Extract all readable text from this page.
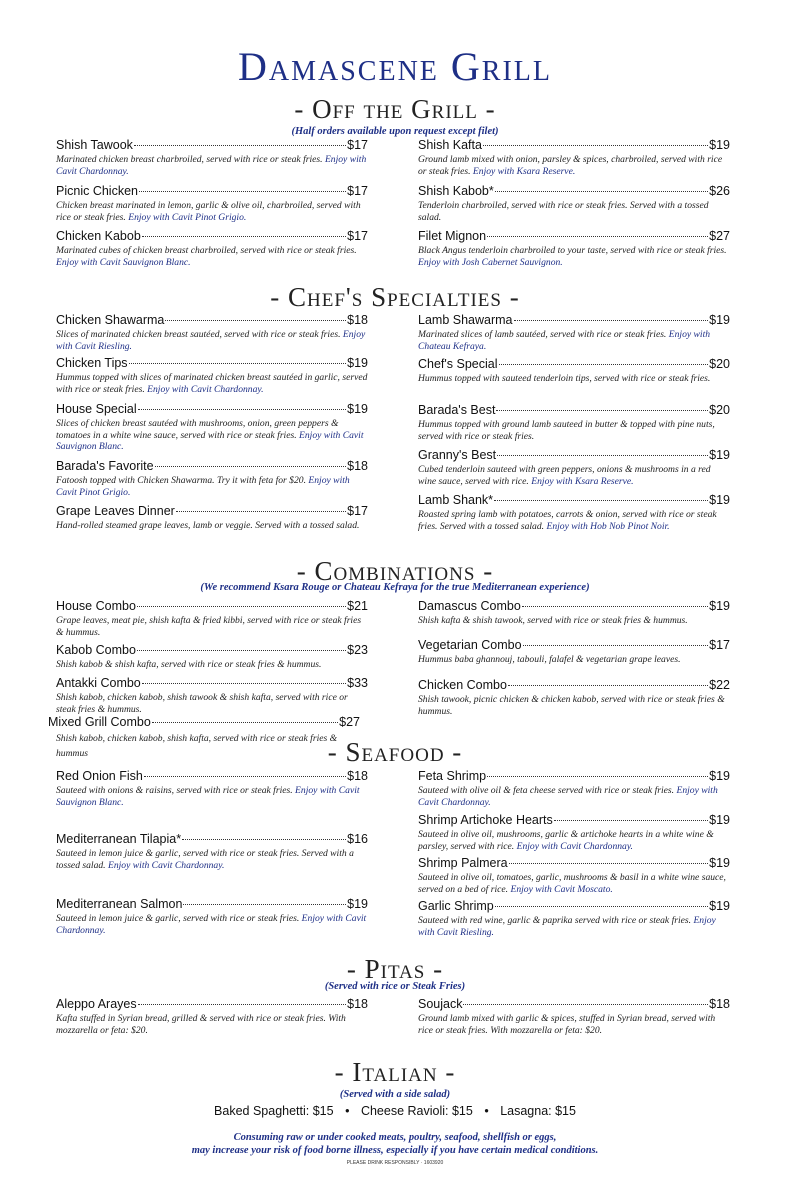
Damascene Grill
- Off the Grill -
(Half orders available upon request except filet)
Shish Tawook	$17
Marinated chicken breast charbroiled, served with rice or steak fries. Enjoy with Cavit Chardonnay.
Picnic Chicken	$17
Chicken breast marinated in lemon, garlic & olive oil, charbroiled, served with rice or steak fries. Enjoy with Cavit Pinot Grigio.
Chicken Kabob	$17
Marinated cubes of chicken breast charbroiled, served with rice or steak fries. Enjoy with Cavit Sauvignon Blanc.
Shish Kafta	$19
Ground lamb mixed with onion, parsley & spices, charbroiled, served with rice or steak fries. Enjoy with Ksara Reserve.
Shish Kabob*	$26
Tenderloin charbroiled, served with rice or steak fries. Served with a tossed salad.
Filet Mignon	$27
Black Angus tenderloin charbroiled to your taste, served with rice or steak fries. Enjoy with Josh Cabernet Sauvignon.
- Chef's Specialties -
Chicken Shawarma	$18
Slices of marinated chicken breast sautéed, served with rice or steak fries. Enjoy with Cavit Riesling.
Chicken Tips	$19
Hummus topped with slices of marinated chicken breast sautéed in garlic, served with rice or steak fries. Enjoy with Cavit Chardonnay.
House Special	$19
Slices of chicken breast sautéed with mushrooms, onion, green peppers & tomatoes in a white wine sauce, served with rice or steak fries. Enjoy with Cavit Sauvignon Blanc.
Barada's Favorite	$18
Fatoosh topped with Chicken Shawarma. Try it with feta for $20. Enjoy with Cavit Pinot Grigio.
Grape Leaves Dinner	$17
Hand-rolled steamed grape leaves, lamb or veggie. Served with a tossed salad.
Lamb Shawarma	$19
Marinated slices of lamb sautéed, served with rice or steak fries. Enjoy with Chateau Kefraya.
Chef's Special	$20
Hummus topped with sauteed tenderloin tips, served with rice or steak fries.
Barada's Best	$20
Hummus topped with ground lamb sauteed in butter & topped with pine nuts, served with rice or steak fries.
Granny's Best	$19
Cubed tenderloin sauteed with green peppers, onions & mushrooms in a red wine sauce, served with rice. Enjoy with Ksara Reserve.
Lamb Shank*	$19
Roasted spring lamb with potatoes, carrots & onion, served with rice or steak fries. Served with a tossed salad. Enjoy with Hob Nob Pinot Noir.
- Combinations -
(We recommend Ksara Rouge or Chateau Kefraya for the true Mediterranean experience)
House Combo	$21
Grape leaves, meat pie, shish kafta & fried kibbi, served with rice or steak fries & hummus.
Kabob Combo	$23
Shish kabob & shish kafta, served with rice or steak fries & hummus.
Antakki Combo	$33
Shish kabob, chicken kabob, shish tawook & shish kafta, served with rice or steak fries & hummus.
Mixed Grill Combo	$27
Shish kabob, chicken kabob, shish kafta, served with rice or steak fries & hummus
Damascus Combo	$19
Shish kafta & shish tawook, served with rice or steak fries & hummus.
Vegetarian Combo	$17
Hummus baba ghannouj, tabouli, falafel & vegetarian grape leaves.
Chicken Combo	$22
Shish tawook, picnic chicken & chicken kabob, served with rice or steak fries & hummus.
- Seafood -
Red Onion Fish	$18
Sauteed with onions & raisins, served with rice or steak fries. Enjoy with Cavit Sauvignon Blanc.
Mediterranean Tilapia*	$16
Sauteed in lemon juice & garlic, served with rice or steak fries. Served with a tossed salad. Enjoy with Cavit Chardonnay.
Mediterranean Salmon	$19
Sauteed in lemon juice & garlic, served with rice or steak fries. Enjoy with Cavit Chardonnay.
Feta Shrimp	$19
Sauteed with olive oil & feta cheese served with rice or steak fries. Enjoy with Cavit Chardonnay.
Shrimp Artichoke Hearts	$19
Sauteed in olive oil, mushrooms, garlic & artichoke hearts in a white wine & parsley, served with rice. Enjoy with Cavit Chardonnay.
Shrimp Palmera	$19
Sauteed in olive oil, tomatoes, garlic, mushrooms & basil in a white wine sauce, served on a bed of rice. Enjoy with Cavit Moscato.
Garlic Shrimp	$19
Sauteed with red wine, garlic & paprika served with rice or steak fries. Enjoy with Cavit Riesling.
- Pitas -
(Served with rice or Steak Fries)
Aleppo Arayes	$18
Kafta stuffed in Syrian bread, grilled & served with rice or steak fries. With mozzarella or feta: $20.
Soujack	$18
Ground lamb mixed with garlic & spices, stuffed in Syrian bread, served with rice or steak fries. With mozzarella or feta: $20.
- Italian -
(Served with a side salad)
Baked Spaghetti: $15 • Cheese Ravioli: $15 • Lasagna: $15
Consuming raw or under cooked meats, poultry, seafood, shellfish or eggs,
may increase your risk of food borne illness, especially if you have certain medical conditions.
PLEASE DRINK RESPONSIBLY · 1603920
